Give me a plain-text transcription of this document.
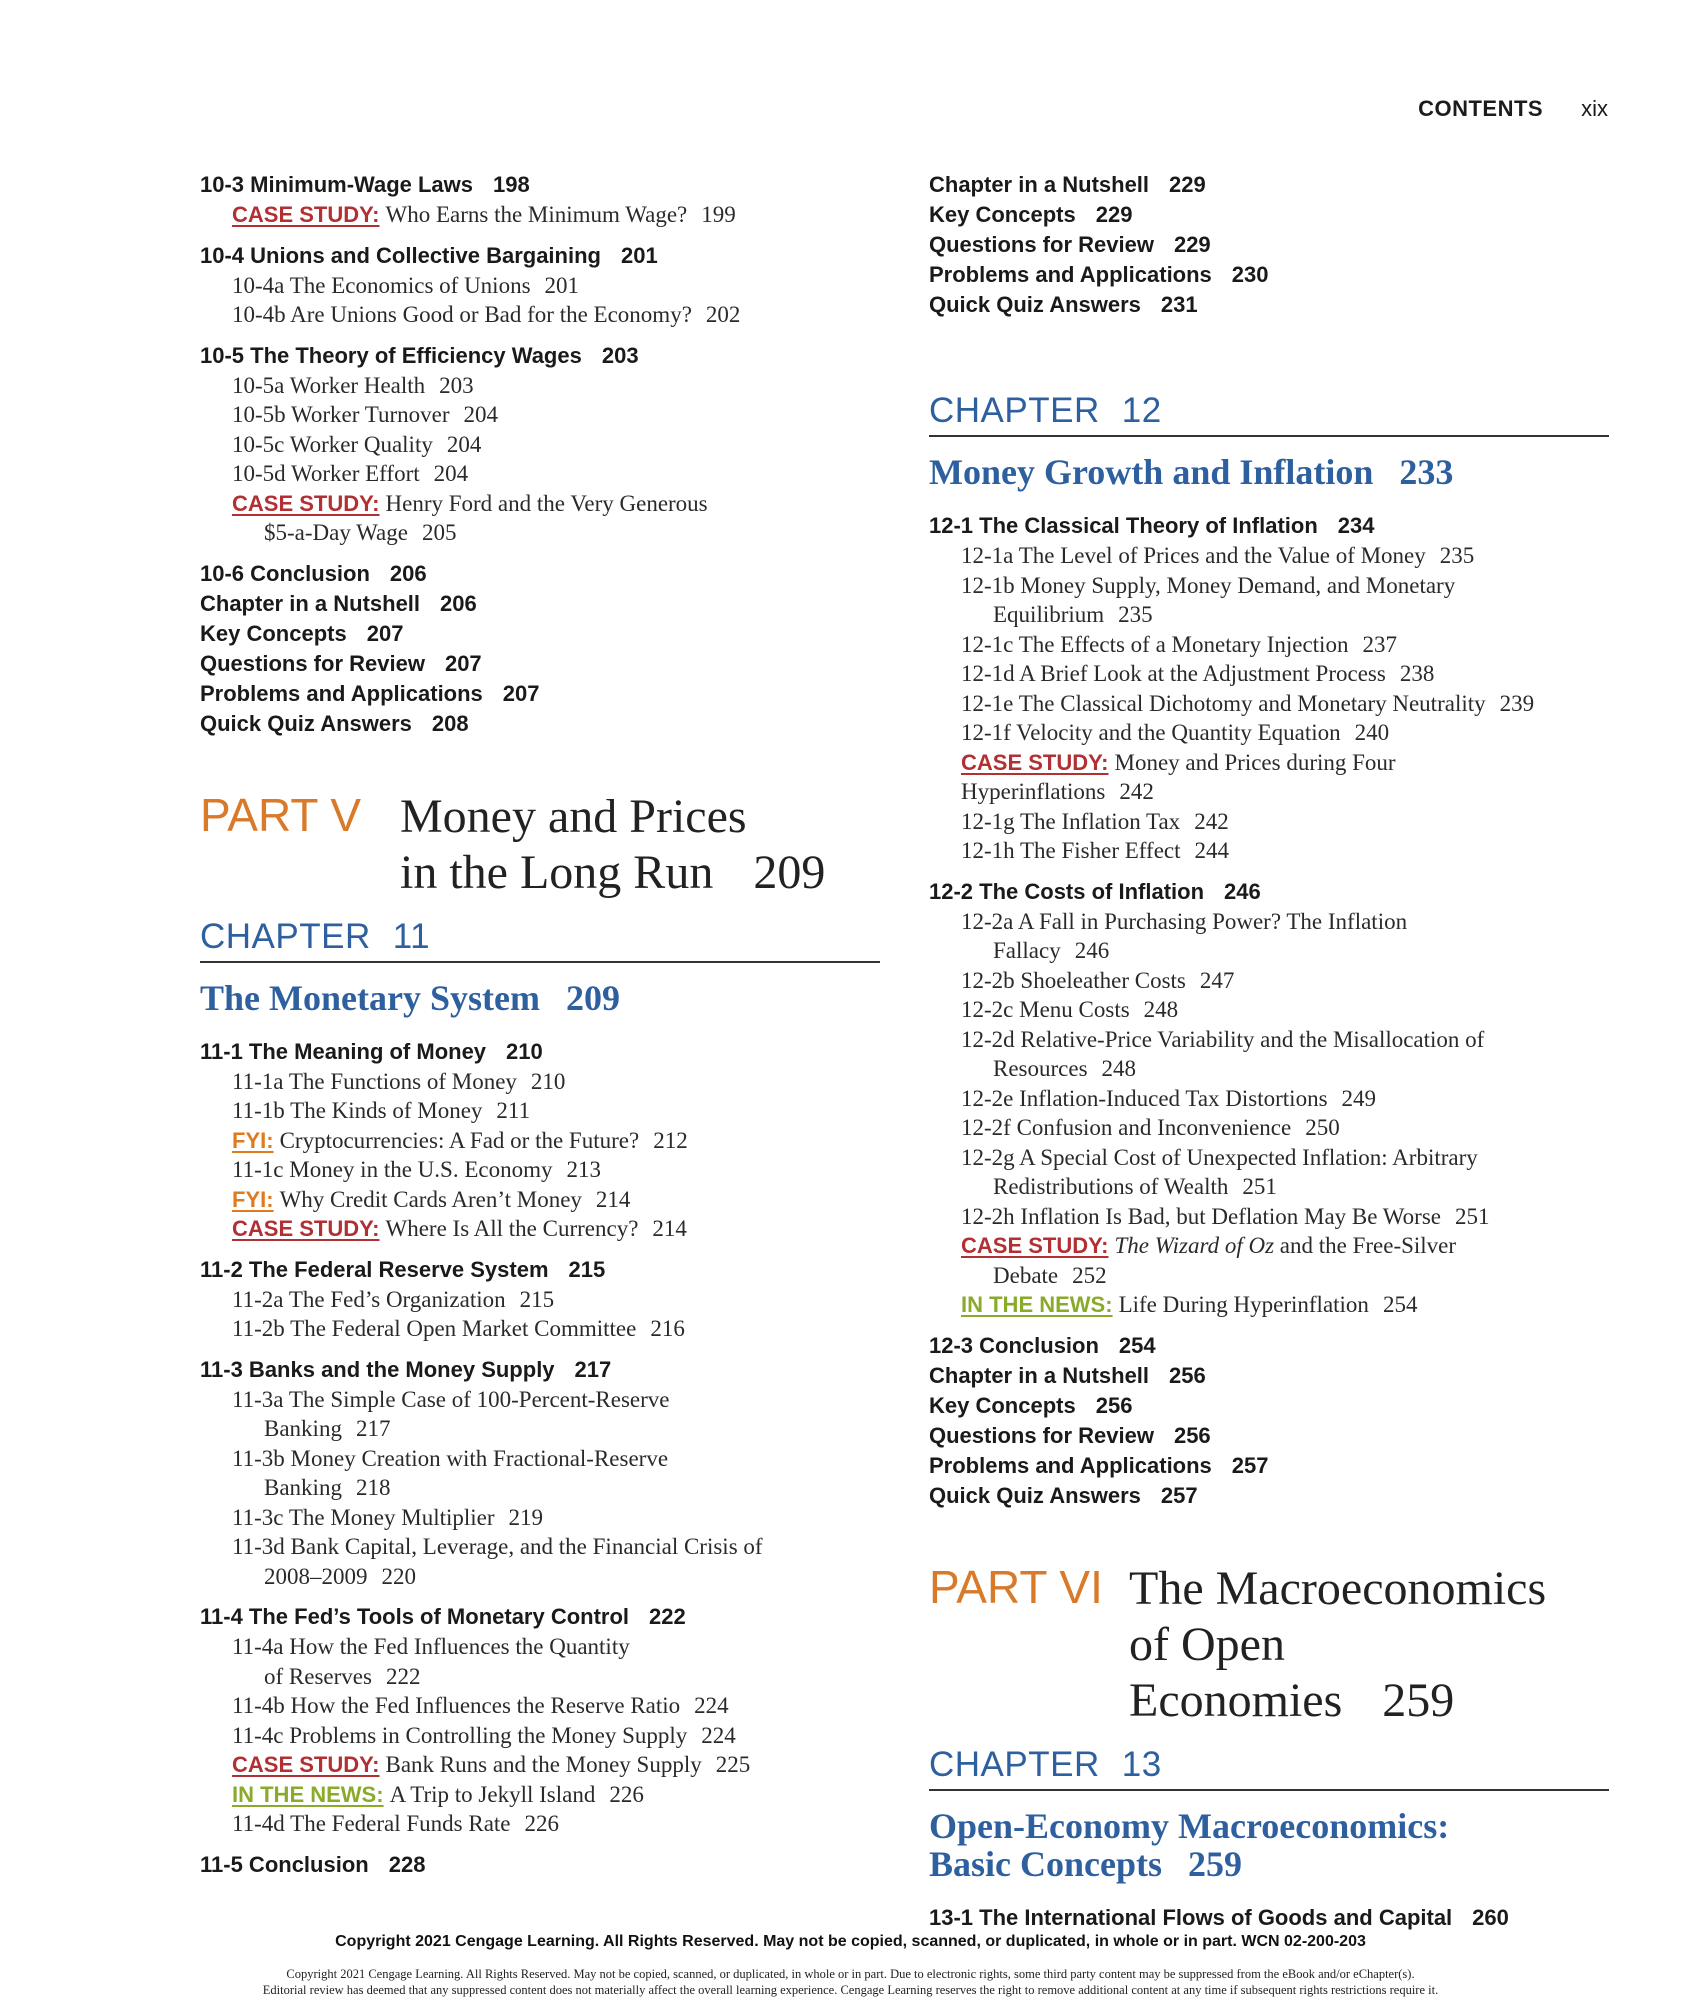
CONTENTS xix
10-3 Minimum-Wage Laws 198
CASE STUDY: Who Earns the Minimum Wage? 199
10-4 Unions and Collective Bargaining 201
10-4a The Economics of Unions 201
10-4b Are Unions Good or Bad for the Economy? 202
10-5 The Theory of Efficiency Wages 203
10-5a Worker Health 203
10-5b Worker Turnover 204
10-5c Worker Quality 204
10-5d Worker Effort 204
CASE STUDY: Henry Ford and the Very Generous
$5-a-Day Wage 205
10-6 Conclusion 206
Chapter in a Nutshell 206
Key Concepts 207
Questions for Review 207
Problems and Applications 207
Quick Quiz Answers 208
PART V Money and Prices
in the Long Run 209
CHAPTER 11
The Monetary System 209
11-1 The Meaning of Money 210
11-1a The Functions of Money 210
11-1b The Kinds of Money 211
FYI: Cryptocurrencies: A Fad or the Future? 212
11-1c Money in the U.S. Economy 213
FYI: Why Credit Cards Aren’t Money 214
CASE STUDY: Where Is All the Currency? 214
11-2 The Federal Reserve System 215
11-2a The Fed’s Organization 215
11-2b The Federal Open Market Committee 216
11-3 Banks and the Money Supply 217
11-3a The Simple Case of 100-Percent-Reserve
Banking 217
11-3b Money Creation with Fractional-Reserve
Banking 218
11-3c The Money Multiplier 219
11-3d Bank Capital, Leverage, and the Financial Crisis of
2008–2009 220
11-4 The Fed’s Tools of Monetary Control 222
11-4a How the Fed Influences the Quantity
of Reserves 222
11-4b How the Fed Influences the Reserve Ratio 224
11-4c Problems in Controlling the Money Supply 224
CASE STUDY: Bank Runs and the Money Supply 225
IN THE NEWS: A Trip to Jekyll Island 226
11-4d The Federal Funds Rate 226
11-5 Conclusion 228
Chapter in a Nutshell 229
Key Concepts 229
Questions for Review 229
Problems and Applications 230
Quick Quiz Answers 231
CHAPTER 12
Money Growth and Inflation 233
12-1 The Classical Theory of Inflation 234
12-1a The Level of Prices and the Value of Money 235
12-1b Money Supply, Money Demand, and Monetary
Equilibrium 235
12-1c The Effects of a Monetary Injection 237
12-1d A Brief Look at the Adjustment Process 238
12-1e The Classical Dichotomy and Monetary Neutrality 239
12-1f Velocity and the Quantity Equation 240
CASE STUDY: Money and Prices during Four
Hyperinflations 242
12-1g The Inflation Tax 242
12-1h The Fisher Effect 244
12-2 The Costs of Inflation 246
12-2a A Fall in Purchasing Power? The Inflation
Fallacy 246
12-2b Shoeleather Costs 247
12-2c Menu Costs 248
12-2d Relative-Price Variability and the Misallocation of
Resources 248
12-2e Inflation-Induced Tax Distortions 249
12-2f Confusion and Inconvenience 250
12-2g A Special Cost of Unexpected Inflation: Arbitrary
Redistributions of Wealth 251
12-2h Inflation Is Bad, but Deflation May Be Worse 251
CASE STUDY: The Wizard of Oz and the Free-Silver
Debate 252
IN THE NEWS: Life During Hyperinflation 254
12-3 Conclusion 254
Chapter in a Nutshell 256
Key Concepts 256
Questions for Review 256
Problems and Applications 257
Quick Quiz Answers 257
PART VI The Macroeconomics
of Open
Economies 259
CHAPTER 13
Open-Economy Macroeconomics:
Basic Concepts 259
13-1 The International Flows of Goods and Capital 260
Copyright 2021 Cengage Learning. All Rights Reserved. May not be copied, scanned, or duplicated, in whole or in part. WCN 02-200-203
Copyright 2021 Cengage Learning. All Rights Reserved. May not be copied, scanned, or duplicated, in whole or in part. Due to electronic rights, some third party content may be suppressed from the eBook and/or eChapter(s).
Editorial review has deemed that any suppressed content does not materially affect the overall learning experience. Cengage Learning reserves the right to remove additional content at any time if subsequent rights restrictions require it.
